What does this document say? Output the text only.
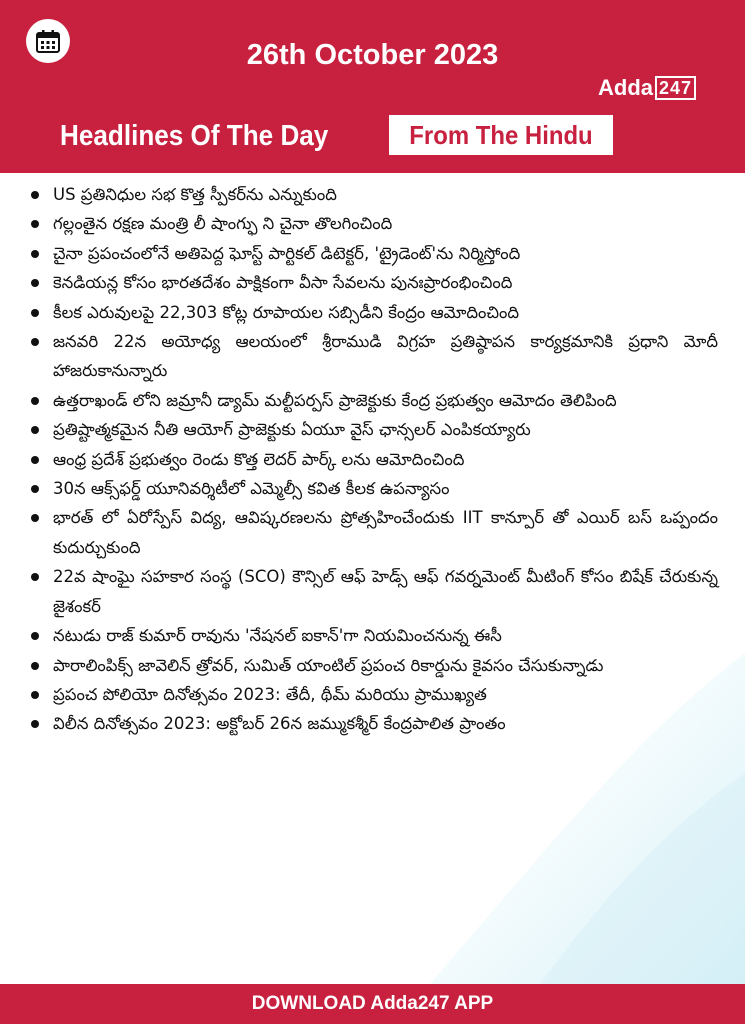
26th October 2023
Adda 247
Headlines Of The Day	From The Hindu
US ప్రతినిధుల సభ కొత్త స్పీకర్‌ను ఎన్నుకుంది
గల్లంతైన రక్షణ మంత్రి లీ షాంగ్ఫు ని చైనా తొలగించింది
చైనా ప్రపంచంలోనే అతిపెద్ద ఘోస్ట్ పార్టికల్ డిటెక్టర్, 'ట్రైడెంట్'ను నిర్మిస్తోంది
కెనడియన్ల కోసం భారతదేశం పాక్షికంగా వీసా సేవలను పునఃప్రారంభించింది
కీలక ఎరువులపై 22,303 కోట్ల రూపాయల సబ్సిడీని కేంద్రం ఆమోదించింది
జనవరి 22న అయోధ్య ఆలయంలో శ్రీరాముడి విగ్రహ ప్రతిష్ఠాపన కార్యక్రమానికి ప్రధాని మోదీ హాజరుకానున్నారు
ఉత్తరాఖండ్ లోని జమ్రానీ డ్యామ్ మల్టీపర్పస్ ప్రాజెక్టుకు కేంద్ర ప్రభుత్వం ఆమోదం తెలిపింది
ప్రతిష్టాత్మకమైన నీతి ఆయోగ్ ప్రాజెక్టుకు ఏయూ వైస్ ఛాన్సలర్ ఎంపికయ్యారు
ఆంధ్ర ప్రదేశ్ ప్రభుత్వం రెండు కొత్త లెదర్ పార్క్ లను ఆమోదించింది
30న ఆక్స్‌ఫర్డ్ యూనివర్శిటీలో ఎమ్మెల్సీ కవిత కీలక ఉపన్యాసం
భారత్ లో ఏరోస్పేస్ విద్య, ఆవిష్కరణలను ప్రోత్సహించేందుకు IIT కాన్పూర్ తో ఎయిర్ బస్ ఒప్పందం కుదుర్చుకుంది
22వ షాంఘై సహకార సంస్థ (SCO) కౌన్సిల్ ఆఫ్ హెడ్స్ ఆఫ్ గవర్నమెంట్ మీటింగ్ కోసం బిషేక్ చేరుకున్న జైశంకర్
నటుడు రాజ్ కుమార్ రావును 'నేషనల్ ఐకాన్'గా నియమించనున్న ఈసీ
పారాలింపిక్స్ జావెలిన్ త్రోవర్, సుమిత్ యాంటిల్ ప్రపంచ రికార్డును కైవసం చేసుకున్నాడు
ప్రపంచ పోలియో దినోత్సవం 2023: తేదీ, థీమ్ మరియు ప్రాముఖ్యత
విలీన దినోత్సవం 2023: అక్టోబర్ 26న జమ్ముకశ్మీర్ కేంద్రపాలిత ప్రాంతం
DOWNLOAD Adda247 APP
